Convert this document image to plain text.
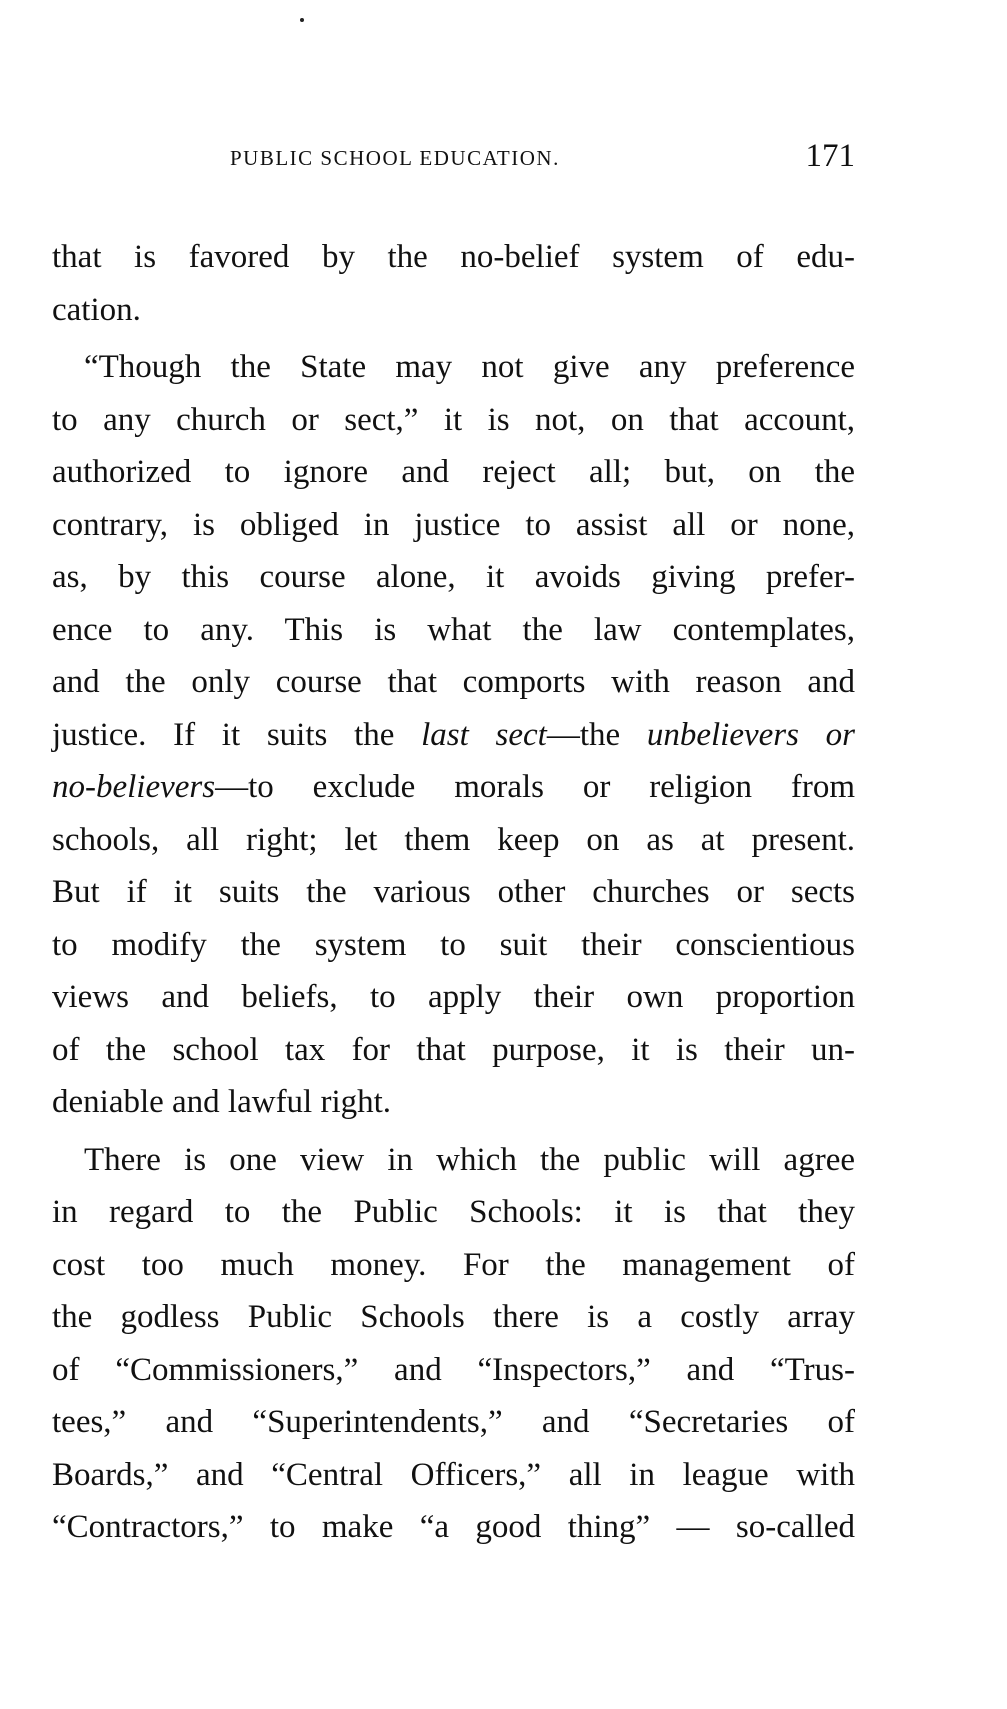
PUBLIC SCHOOL EDUCATION.	171
that is favored by the no-belief system of edu-
cation.
“Though the State may not give any preference
to any church or sect,” it is not, on that account,
authorized to ignore and reject all; but, on the
contrary, is obliged in justice to assist all or none,
as, by this course alone, it avoids giving prefer-
ence to any. This is what the law contemplates,
and the only course that comports with reason and
justice. If it suits the last sect—the unbelievers or
no-believers—to exclude morals or religion from
schools, all right; let them keep on as at present.
But if it suits the various other churches or sects
to modify the system to suit their conscientious
views and beliefs, to apply their own proportion
of the school tax for that purpose, it is their un-
deniable and lawful right.
There is one view in which the public will agree
in regard to the Public Schools: it is that they
cost too much money. For the management of
the godless Public Schools there is a costly array
of “Commissioners,” and “Inspectors,” and “Trus-
tees,” and “Superintendents,” and “Secretaries of
Boards,” and “Central Officers,” all in league with
“Contractors,” to make “a good thing” — so-called
